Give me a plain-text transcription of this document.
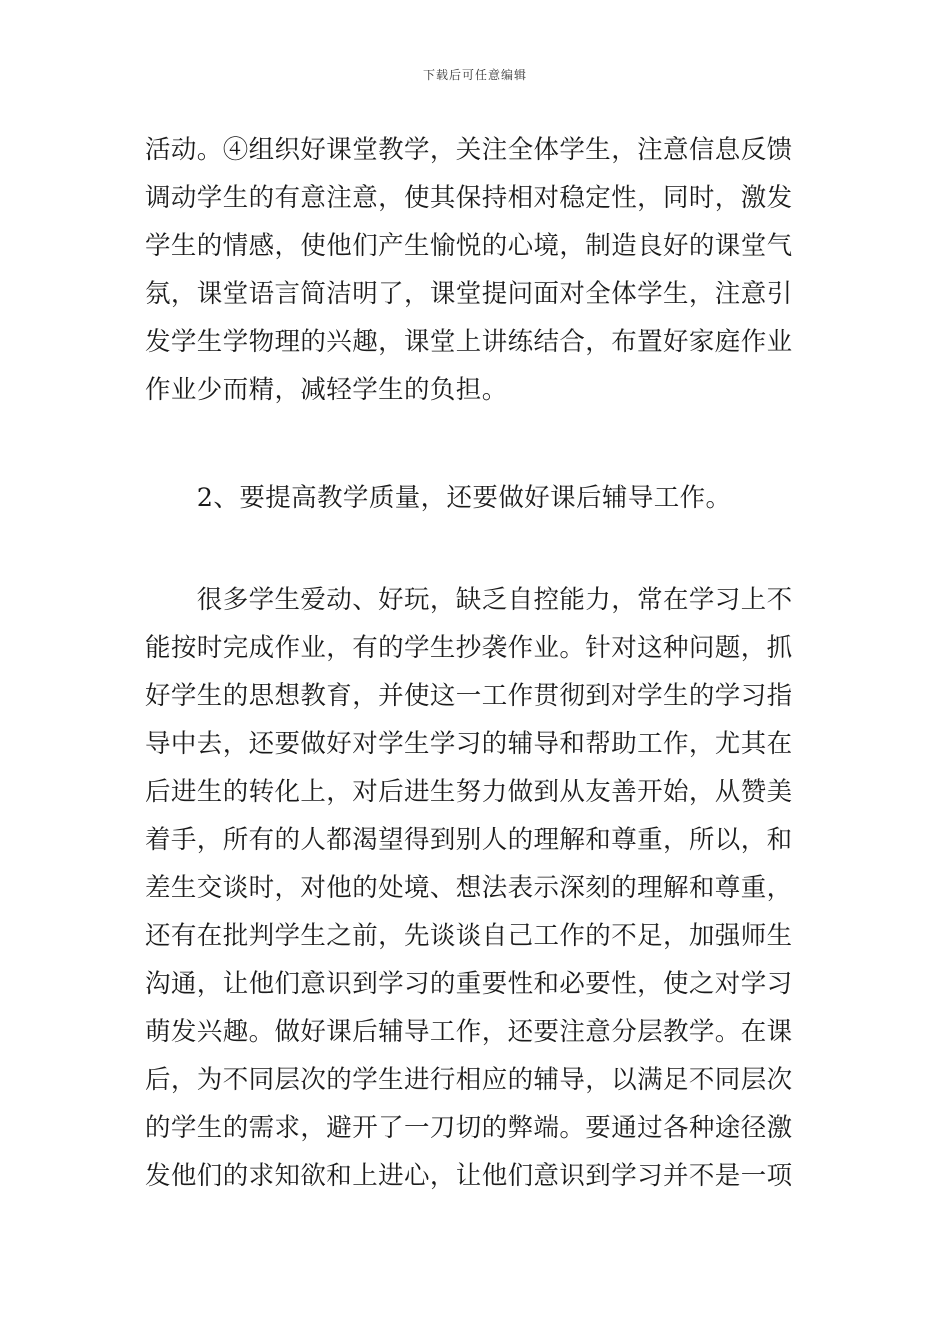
下载后可任意编辑
活动。④组织好课堂教学，关注全体学生，注意信息反馈
调动学生的有意注意，使其保持相对稳定性，同时，激发
学生的情感，使他们产生愉悦的心境，制造良好的课堂气
氛，课堂语言简洁明了，课堂提问面对全体学生，注意引
发学生学物理的兴趣，课堂上讲练结合，布置好家庭作业
作业少而精，减轻学生的负担。
　　2、要提高教学质量，还要做好课后辅导工作。
　　很多学生爱动、好玩，缺乏自控能力，常在学习上不
能按时完成作业，有的学生抄袭作业。针对这种问题，抓
好学生的思想教育，并使这一工作贯彻到对学生的学习指
导中去，还要做好对学生学习的辅导和帮助工作，尤其在
后进生的转化上，对后进生努力做到从友善开始，从赞美
着手，所有的人都渴望得到别人的理解和尊重，所以，和
差生交谈时，对他的处境、想法表示深刻的理解和尊重，
还有在批判学生之前，先谈谈自己工作的不足，加强师生
沟通，让他们意识到学习的重要性和必要性，使之对学习
萌发兴趣。做好课后辅导工作，还要注意分层教学。在课
后，为不同层次的学生进行相应的辅导，以满足不同层次
的学生的需求，避开了一刀切的弊端。要通过各种途径激
发他们的求知欲和上进心，让他们意识到学习并不是一项
